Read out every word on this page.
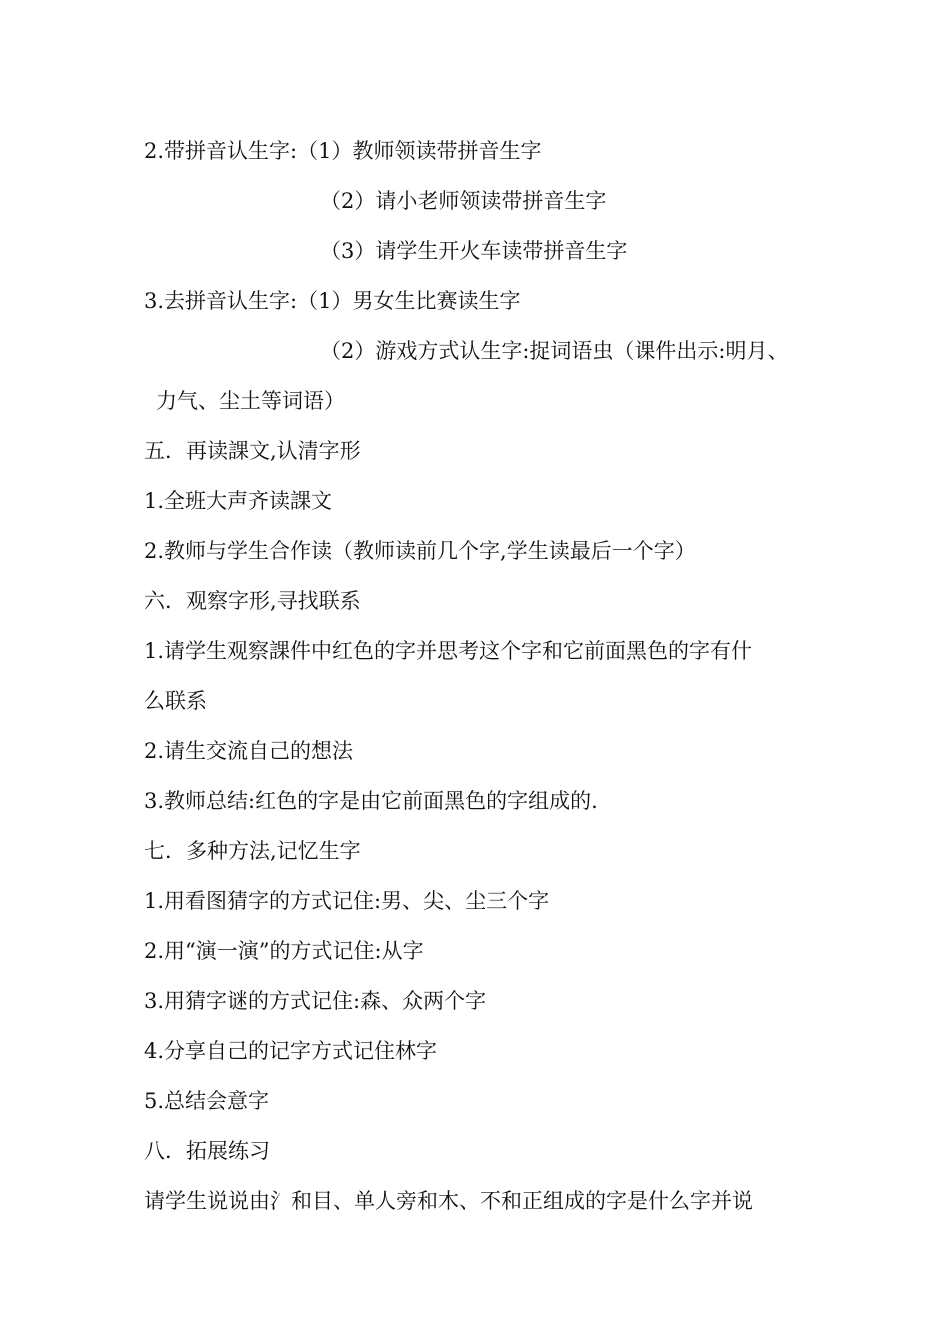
2.带拼音认生字:（1）教师领读带拼音生字
（2）请小老师领读带拼音生字
（3）请学生开火车读带拼音生字
3.去拼音认生字:（1）男女生比赛读生字
（2）游戏方式认生字:捉词语虫（课件出示:明月、
力气、尘土等词语）
五．再读課文,认清字形
1.全班大声齐读課文
2.教师与学生合作读（教师读前几个字,学生读最后一个字）
六．观察字形,寻找联系
1.请学生观察課件中红色的字并思考这个字和它前面黑色的字有什
么联系
2.请生交流自己的想法
3.教师总结:红色的字是由它前面黑色的字组成的.
七．多种方法,记忆生字
1.用看图猜字的方式记住:男、尖、尘三个字
2.用“演一演”的方式记住:从字
3.用猜字谜的方式记住:森、众两个字
4.分享自己的记字方式记住林字
5.总结会意字
八．拓展练习
请学生说说由氵和目、单人旁和木、不和正组成的字是什么字并说
